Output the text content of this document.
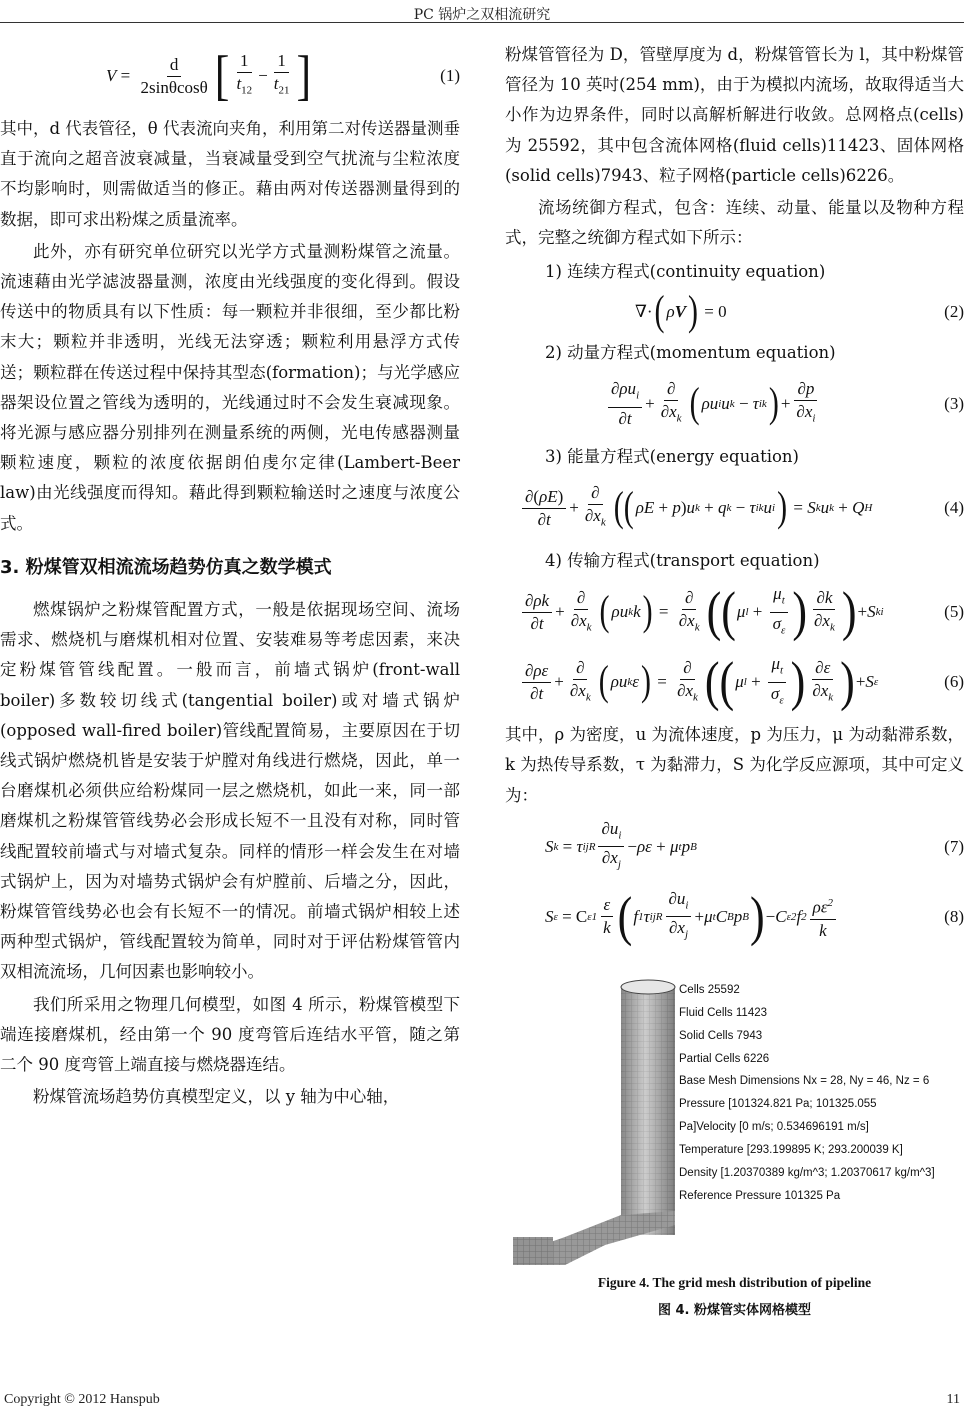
PC 锅炉之双相流研究
$V = \frac{d}{2\sin\theta\cos\theta}$ [ $\frac{1}{t_{12}} - \frac{1}{t_{21}}$ ]	(1)

其中，d 代表管径，θ 代表流向夹角，利用第二对传送器量测垂直于流向之超音波衰减量，当衰减量受到空气扰流与尘粒浓度不均影响时，则需做适当的修正。藉由两对传送器测量得到的数据，即可求出粉煤之质量流率。

此外，亦有研究单位研究以光学方式量测粉煤管之流量。流速藉由光学滤波器量测，浓度由光线强度的变化得到。假设传送中的物质具有以下性质：每一颗粒并非很细，至少都比粉末大；颗粒并非透明，光线无法穿透；颗粒利用悬浮方式传送；颗粒群在传送过程中保持其型态(formation)；与光学感应器架设位置之管线为透明的，光线通过时不会发生衰减现象。将光源与感应器分别排列在测量系统的两侧，光电传感器测量颗粒速度，颗粒的浓度依据朗伯虔尔定律(Lambert-Beer law)由光线强度而得知。藉此得到颗粒输送时之速度与浓度公式。

3. 粉煤管双相流流场趋势仿真之数学模式

燃煤锅炉之粉煤管配置方式，一般是依据现场空间、流场需求、燃烧机与磨煤机相对位置、安装难易等考虑因素，来决定粉煤管管线配置。一般而言，前墙式锅炉(front-wall boiler)多数较切线式(tangential boiler)或对墙式锅炉(opposed wall-fired boiler)管线配置简易，主要原因在于切线式锅炉燃烧机皆是安装于炉膛对角线进行燃烧，因此，单一台磨煤机必须供应给粉煤同一层之燃烧机，如此一来，同一部磨煤机之粉煤管管线势必会形成长短不一且没有对称，同时管线配置较前墙式与对墙式复杂。同样的情形一样会发生在对墙式锅炉上，因为对墙势式锅炉会有炉膛前、后墙之分，因此，粉煤管管线势必也会有长短不一的情况。前墙式锅炉相较上述两种型式锅炉，管线配置较为简单，同时对于评估粉煤管管内双相流流场，几何因素也影响较小。

我们所采用之物理几何模型，如图 4 所示，粉煤管模型下端连接磨煤机，经由第一个 90 度弯管后连结水平管，随之第二个 90 度弯管上端直接与燃烧器连结。

粉煤管流场趋势仿真模型定义，以 y 轴为中心轴，

粉煤管管径为 D，管壁厚度为 d，粉煤管管长为 l，其中粉煤管管径为 10 英吋(254 mm)，由于为模拟内流场，故取得适当大小作为边界条件，同时以高解析解进行收敛。总网格点(cells)为 25592，其中包含流体网格(fluid cells)11423、固体网格(solid cells)7943、粒子网格(particle cells)6226。

流场统御方程式，包含：连续、动量、能量以及物种方程式，完整之统御方程式如下所示：

1) 连续方程式(continuity equation)
∇· ( ρ V ) = 0	(2)
2) 动量方程式(momentum equation)
$\frac{\partial\rho u_i}{\partial t} + \frac{\partial}{\partial x_k}$ ( ρu i u k − τ ik ) + $\frac{\partial p}{\partial x_i}$	(3)
3) 能量方程式(energy equation)
$\frac{\partial(\rho E)}{\partial t} + \frac{\partial}{\partial x_k}$ (( ρE + p ) u k + q k − τ ik u i ) = S k u k + Q H	(4)
4) 传输方程式(transport equation)
$\frac{\partial\rho k}{\partial t} + \frac{\partial}{\partial x_k}$ ( ρu k k ) = $\frac{\partial}{\partial x_k}$ (( μ $l + \frac{\mu_t}{\sigma_\varepsilon}$ ) $\frac{\partial k}{\partial x_k}$ ) + S ki	(5)
$\frac{\partial\rho\varepsilon}{\partial t} + \frac{\partial}{\partial x_k}$ ( ρu k ε ) = $\frac{\partial}{\partial x_k}$ (( μ $l + \frac{\mu_t}{\sigma_\varepsilon}$ ) $\frac{\partial\varepsilon}{\partial x_k}$ ) + S ε	(6)

其中，ρ 为密度，u 为流体速度，p 为压力，μ 为动黏滞系数，k 为热传导系数，τ 为黏滞力，S 为化学反应源项，其中可定义为：

S k = τ ij R $\frac{\partial u_i}{\partial x_j} - \rho\varepsilon + \mu$ t p B	(7)
S ε = C $\varepsilon 1 \frac{\varepsilon}{k}$ ( f 1 τ ij R $\frac{\partial u_i}{\partial x_j} + \mu$ t C B p B ) − C ε2 f $2 \frac{\rho\varepsilon^2}{k}$	(8)
Cells 25592
Fluid Cells 11423
Solid Cells 7943
Partial Cells 6226
Base Mesh Dimensions Nx = 28, Ny = 46, Nz = 6
Pressure [101324.821 Pa; 101325.055
Pa]Velocity [0 m/s; 0.534696191 m/s]
Temperature [293.199895 K; 293.200039 K]
Density [1.20370389 kg/m^3; 1.20370617 kg/m^3]
Reference Pressure 101325 Pa
Figure 4. The grid mesh distribution of pipeline
图 4. 粉煤管实体网格模型
Copyright © 2012 Hanspub	11
